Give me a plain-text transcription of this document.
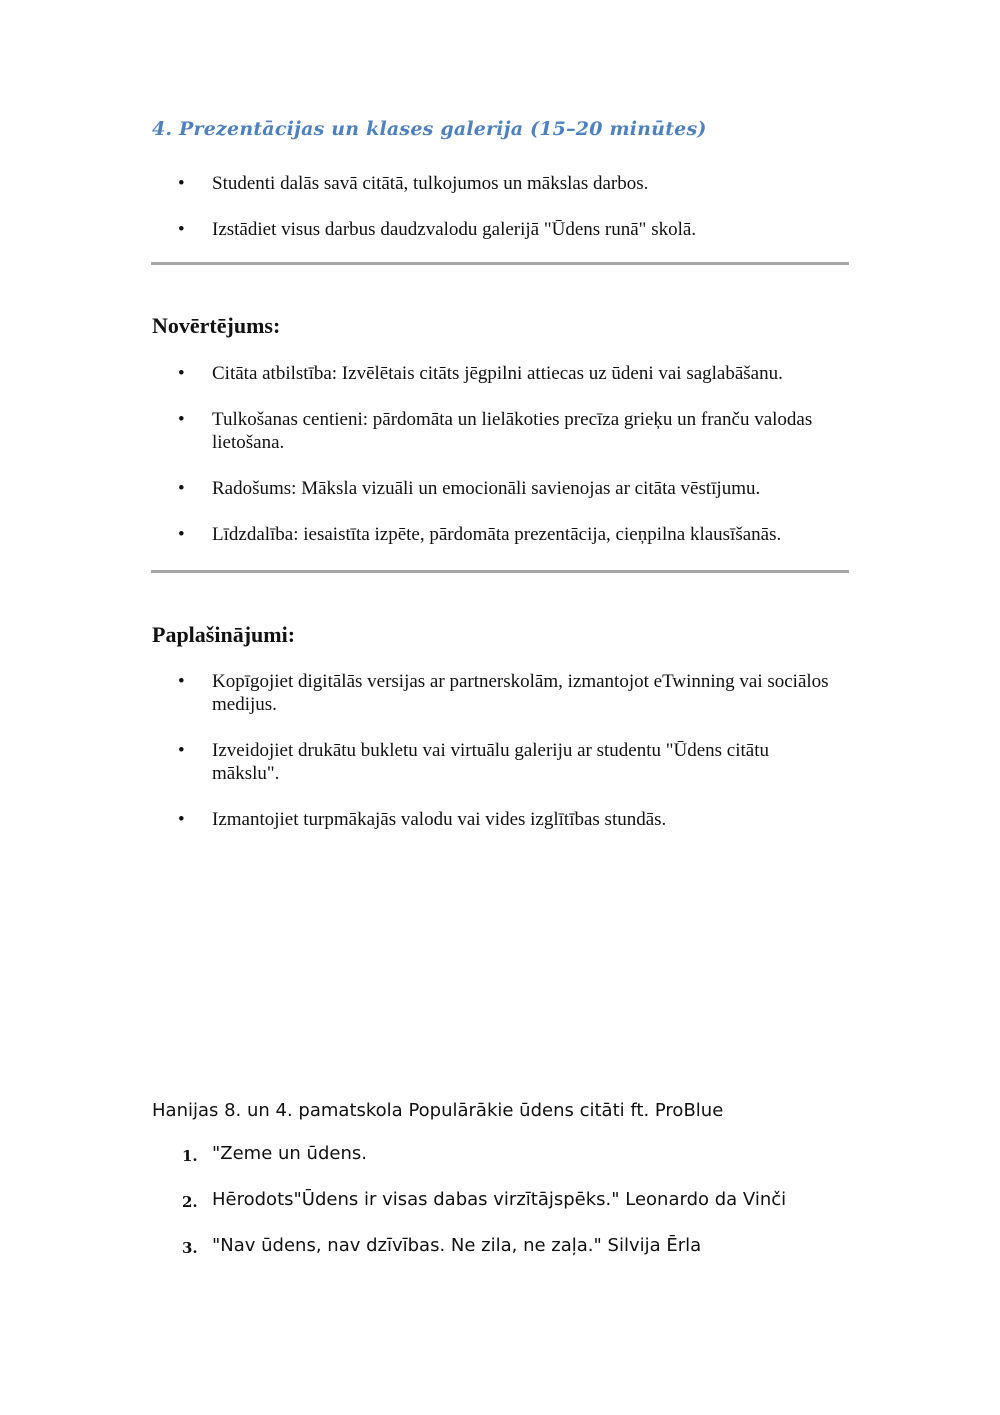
4. Prezentācijas un klases galerija (15–20 minūtes)
• Studenti dalās savā citātā, tulkojumos un mākslas darbos.
• Izstādiet visus darbus daudzvalodu galerijā "Ūdens runā" skolā.
Novērtējums:
• Citāta atbilstība: Izvēlētais citāts jēgpilni attiecas uz ūdeni vai saglabāšanu.
• Tulkošanas centieni: pārdomāta un lielākoties precīza grieķu un franču valodas lietošana.
• Radošums: Māksla vizuāli un emocionāli savienojas ar citāta vēstījumu.
• Līdzdalība: iesaistīta izpēte, pārdomāta prezentācija, cieņpilna klausīšanās.
Paplašinājumi:
• Kopīgojiet digitālās versijas ar partnerskolām, izmantojot eTwinning vai sociālos medijus.
• Izveidojiet drukātu bukletu vai virtuālu galeriju ar studentu "Ūdens citātu mākslu".
• Izmantojiet turpmākajās valodu vai vides izglītības stundās.

Hanijas 8. un 4. pamatskola Populārākie ūdens citāti ft. ProBlue

1. "Zeme un ūdens.
2. Hērodots"Ūdens ir visas dabas virzītājspēks." Leonardo da Vinči
3. "Nav ūdens, nav dzīvības. Ne zila, ne zaļa." Silvija Ērla
